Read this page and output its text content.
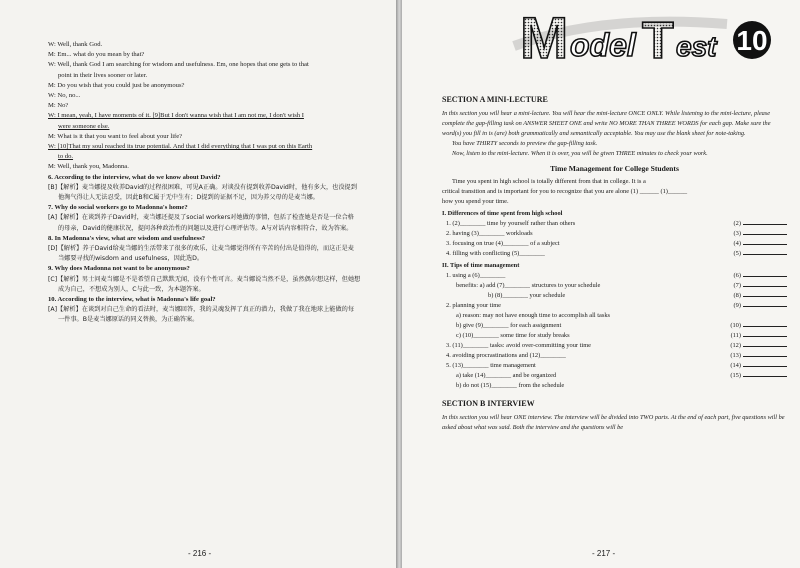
W: Well, thank God.
M: Em... what do you mean by that?
W: Well, thank God I am searching for wisdom and usefulness. Em, one hopes that one gets to that
point in their lives sooner or later.
M: Do you wish that you could just be anonymous?
W: No, no...
M: No?
W: I mean, yeah, I have moments of it. [9]But I don't wanna wish that I am not me, I don't wish I
were someone else.
M: What is it that you want to feel about your life?
W: [10]That my soul reached its true potential. And that I did everything that I was put on this Earth
to do.
M: Well, thank you, Madonna.
6. According to the interview, what do we know about David?
[B]【解析】麦当娜提及收养David的过程很困难，可见A正确。对谈没有提到收养David时，他有多大，也没提到
他淘气得让人无法忍受，因此B和C属于无中生有；D提到的证据不足，因为养父母的是麦当娜。
7. Why do social workers go to Madonna's home?
[A]【解析】在谈到养子David时，麦当娜还提及了social workers对她做的事情，包括了检查她是否是一位合格
的母亲，David的健康状况，提问各种政治性的问题以及进行心理评估等。A与对话内容相符合，故为答案。
8. In Madonna's view, what are wisdom and usefulness?
[D]【解析】养子David给麦当娜的生活带来了很多的欢乐，让麦当娜觉得所有辛苦的付出是值得的，而这正是麦
当娜要寻找的wisdom and usefulness，因此选D。
9. Why does Madonna not want to be anonymous?
[C]【解析】男士问麦当娜是不是希望自己默默无闻，没有个性可言。麦当娜说当然不是，虽然偶尔想这样，但她想
成为自己，不想成为别人，C与此一致，为本题答案。
10. According to the interview, what is Madonna's life goal?
[A]【解析】在谈到对自己生命的看法时，麦当娜回答，我的灵魂发挥了真正的潜力，我做了我在地球上能做的每
一件事。B是麦当娜原话的同义替换，为正确答案。
- 216 -
M odel T est 10
SECTION A MINI-LECTURE
In this section you will hear a mini-lecture. You will hear the mini-lecture ONCE ONLY. While listening to the mini-lecture, please complete the gap-filling task on ANSWER SHEET ONE and write NO MORE THAN THREE WORDS for each gap. Make sure the word(s) you fill in is (are) both grammatically and semantically acceptable. You may use the blank sheet for note-taking.
You have THIRTY seconds to preview the gap-filling task.
Now, listen to the mini-lecture. When it is over, you will be given THREE minutes to check your work.
Time Management for College Students
Time you spent in high school is totally different from that in college. It is a
critical transition and is important for you to recognize that you are alone (1) ______ (1)______
how you spend your time.
I. Differences of time spent from high school
1. (2)________ time by yourself rather than others	(2)
2. having (3)________ workloads	(3)
3. focusing on true (4)________ of a subject	(4)
4. filling with conflicting (5)________	(5)
II. Tips of time management
1. using a (6)________	(6)
benefits: a) add (7)________ structures to your schedule	(7)
b) (8)________ your schedule	(8)
2. planning your time	(9)
a) reason: may not have enough time to accomplish all tasks
b) give (9)________ for each assignment	(10)
c) (10)________ some time for study breaks	(11)
3. (11)________ tasks: avoid over-committing your time	(12)
4. avoiding procrastinations and (12)________	(13)
5. (13)________ time management	(14)
a) take (14)________ and be organized	(15)
b) do not (15)________ from the schedule
SECTION B INTERVIEW
In this section you will hear ONE interview. The interview will be divided into TWO parts. At the end of each part, five questions will be asked about what was said. Both the interview and the questions will be
- 217 -
